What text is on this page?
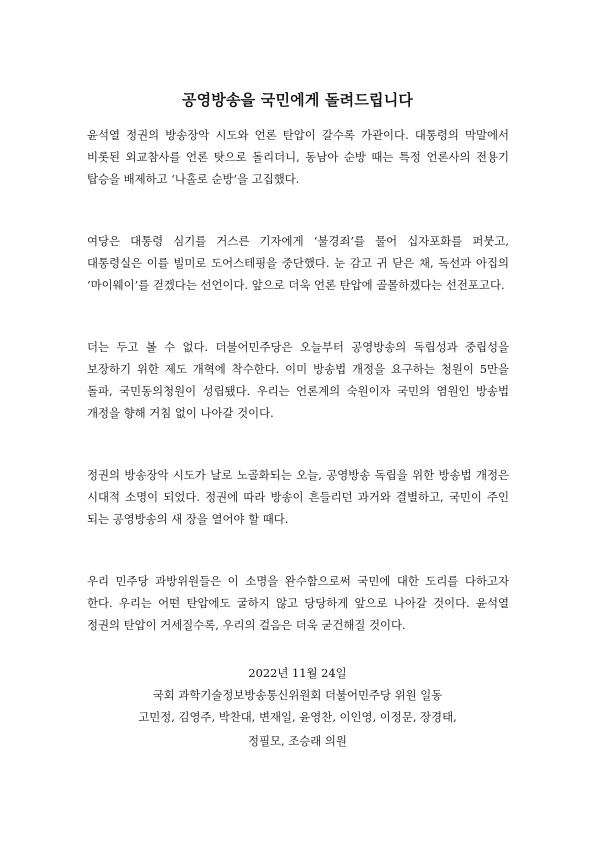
공영방송을 국민에게 돌려드립니다

윤석열 정권의 방송장악 시도와 언론 탄압이 갈수록 가관이다. 대통령의 막말에서 비롯된 외교참사를 언론 탓으로 돌리더니, 동남아 순방 때는 특정 언론사의 전용기 탑승을 배제하고 ‘나홀로 순방’을 고집했다.

여당은 대통령 심기를 거스른 기자에게 ‘불경죄’를 물어 십자포화를 퍼붓고, 대통령실은 이를 빌미로 도어스테핑을 중단했다. 눈 감고 귀 닫은 채, 독선과 아집의 ‘마이웨이’를 걷겠다는 선언이다. 앞으로 더욱 언론 탄압에 골몰하겠다는 선전포고다.

더는 두고 볼 수 없다. 더불어민주당은 오늘부터 공영방송의 독립성과 중립성을 보장하기 위한 제도 개혁에 착수한다. 이미 방송법 개정을 요구하는 청원이 5만을 돌파, 국민동의청원이 성립됐다. 우리는 언론계의 숙원이자 국민의 염원인 방송법 개정을 향해 거침 없이 나아갈 것이다.

정권의 방송장악 시도가 날로 노골화되는 오늘, 공영방송 독립을 위한 방송법 개정은 시대적 소명이 되었다. 정권에 따라 방송이 흔들리던 과거와 결별하고, 국민이 주인 되는 공영방송의 새 장을 열어야 할 때다.

우리 민주당 과방위원들은 이 소명을 완수함으로써 국민에 대한 도리를 다하고자 한다. 우리는 어떤 탄압에도 굴하지 않고 당당하게 앞으로 나아갈 것이다. 윤석열 정권의 탄압이 거세질수록, 우리의 걸음은 더욱 굳건해질 것이다.

2022년 11월 24일

국회 과학기술정보방송통신위원회 더불어민주당 위원 일동

고민정, 김영주, 박찬대, 변재일, 윤영찬, 이인영, 이정문, 장경태,

정필모, 조승래 의원
